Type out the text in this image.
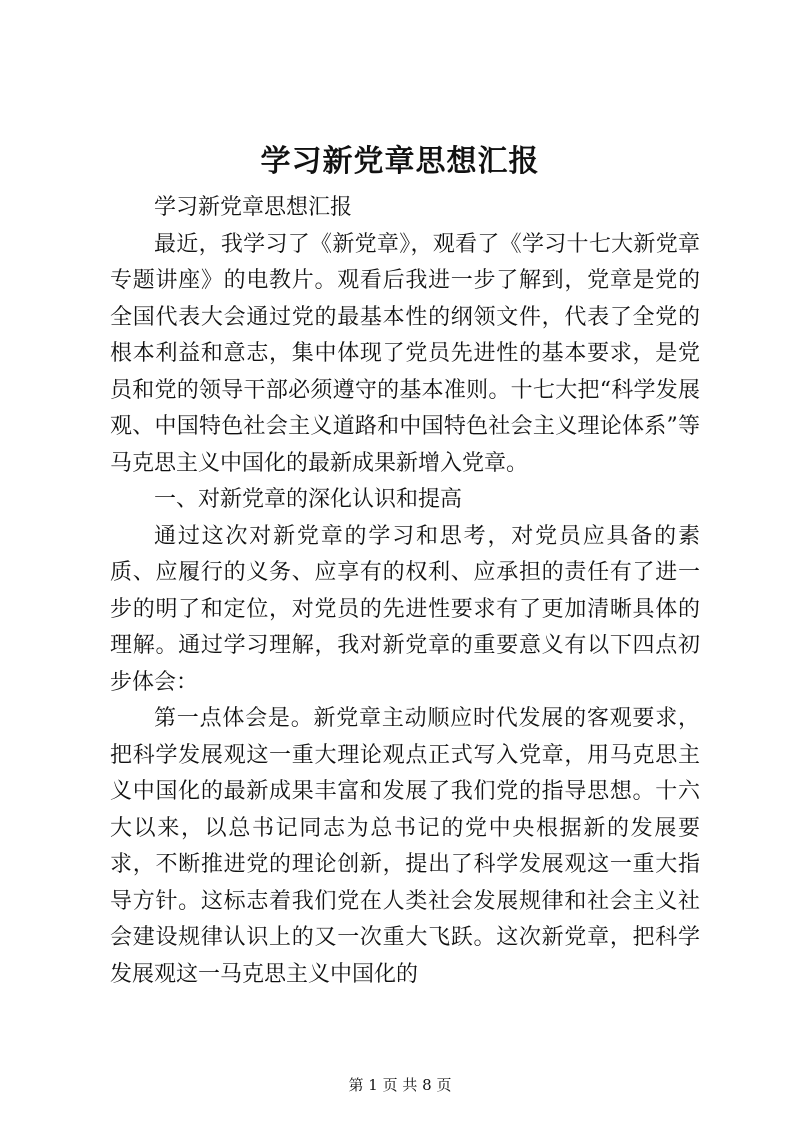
学习新党章思想汇报

学习新党章思想汇报

最近，我学习了《新党章》，观看了《学习十七大新党章专题讲座》的电教片。观看后我进一步了解到，党章是党的全国代表大会通过党的最基本性的纲领文件，代表了全党的根本利益和意志，集中体现了党员先进性的基本要求，是党员和党的领导干部必须遵守的基本准则。十七大把“科学发展观、中国特色社会主义道路和中国特色社会主义理论体系”等马克思主义中国化的最新成果新增入党章。

一、对新党章的深化认识和提高

通过这次对新党章的学习和思考，对党员应具备的素质、应履行的义务、应享有的权利、应承担的责任有了进一步的明了和定位，对党员的先进性要求有了更加清晰具体的理解。通过学习理解，我对新党章的重要意义有以下四点初步体会：

第一点体会是。新党章主动顺应时代发展的客观要求，把科学发展观这一重大理论观点正式写入党章，用马克思主义中国化的最新成果丰富和发展了我们党的指导思想。十六大以来，以总书记同志为总书记的党中央根据新的发展要求，不断推进党的理论创新，提出了科学发展观这一重大指导方针。这标志着我们党在人类社会发展规律和社会主义社会建设规律认识上的又一次重大飞跃。这次新党章，把科学发展观这一马克思主义中国化的

第 1 页 共 8 页
